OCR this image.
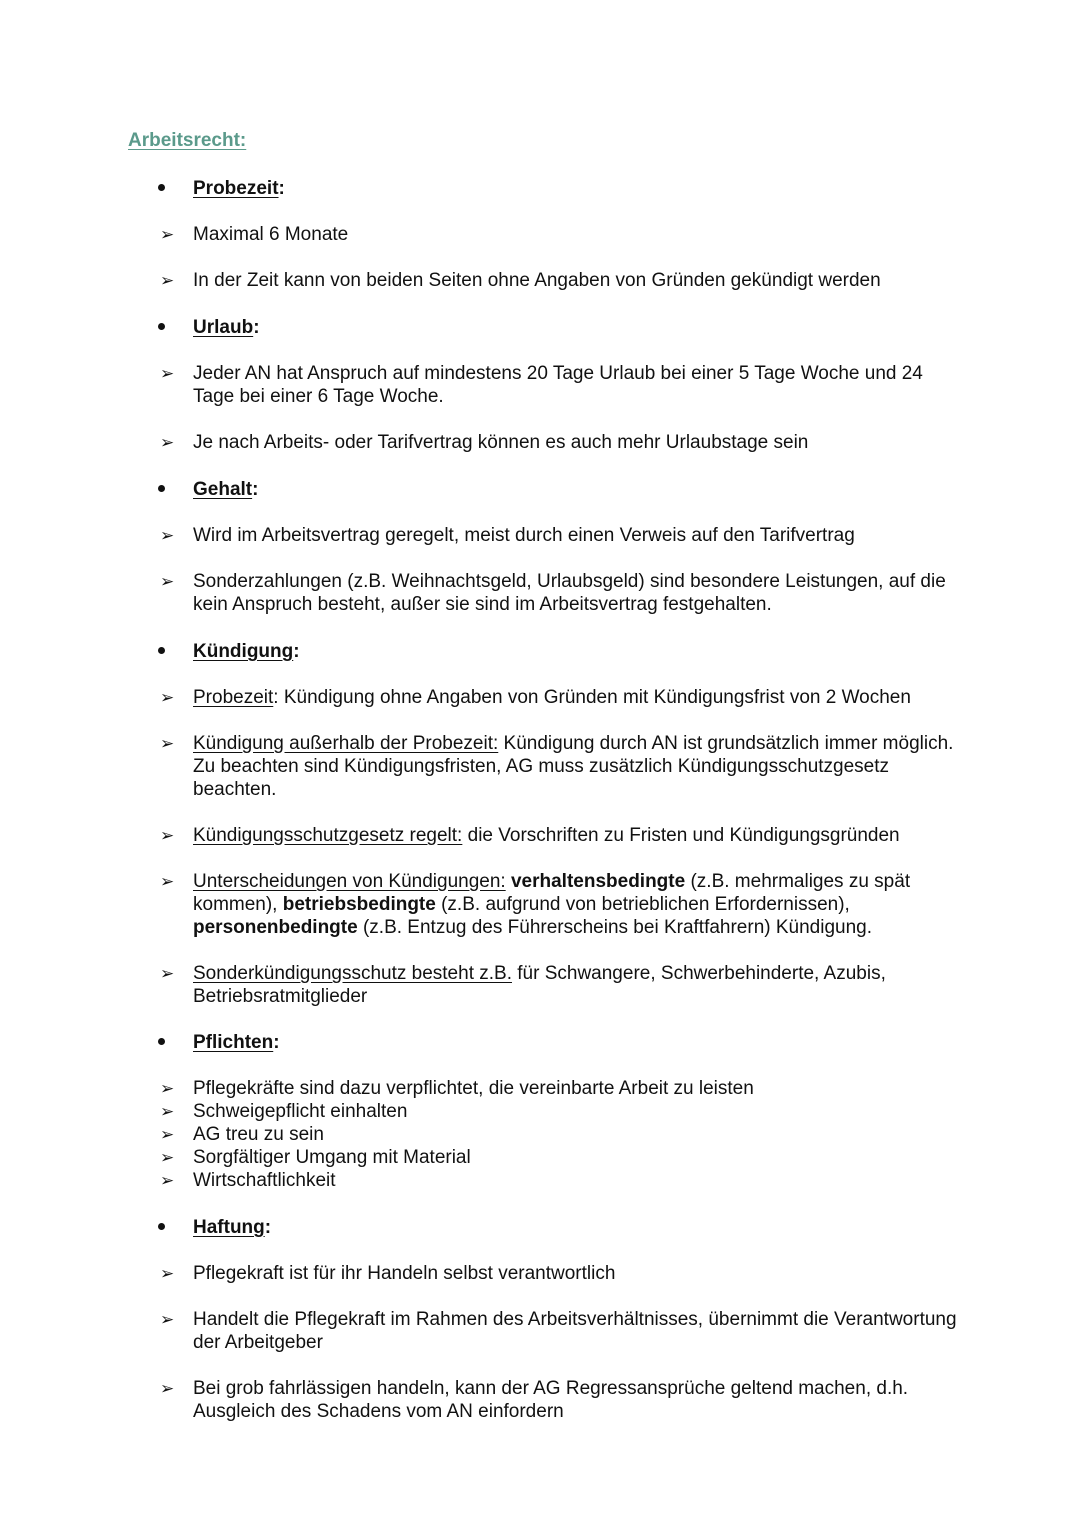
Arbeitsrecht:
Probezeit:
➢ Maximal 6 Monate
➢ In der Zeit kann von beiden Seiten ohne Angaben von Gründen gekündigt werden
Urlaub:
➢ Jeder AN hat Anspruch auf mindestens 20 Tage Urlaub bei einer 5 Tage Woche und 24 Tage bei einer 6 Tage Woche.
➢ Je nach Arbeits- oder Tarifvertrag können es auch mehr Urlaubstage sein
Gehalt:
➢ Wird im Arbeitsvertrag geregelt, meist durch einen Verweis auf den Tarifvertrag
➢ Sonderzahlungen (z.B. Weihnachtsgeld, Urlaubsgeld) sind besondere Leistungen, auf die kein Anspruch besteht, außer sie sind im Arbeitsvertrag festgehalten.
Kündigung:
➢ Probezeit: Kündigung ohne Angaben von Gründen mit Kündigungsfrist von 2 Wochen
➢ Kündigung außerhalb der Probezeit: Kündigung durch AN ist grundsätzlich immer möglich. Zu beachten sind Kündigungsfristen, AG muss zusätzlich Kündigungsschutzgesetz beachten.
➢ Kündigungsschutzgesetz regelt: die Vorschriften zu Fristen und Kündigungsgründen
➢ Unterscheidungen von Kündigungen: verhaltensbedingte (z.B. mehrmaliges zu spät kommen), betriebsbedingte (z.B. aufgrund von betrieblichen Erfordernissen), personenbedingte (z.B. Entzug des Führerscheins bei Kraftfahrern) Kündigung.
➢ Sonderkündigungsschutz besteht z.B. für Schwangere, Schwerbehinderte, Azubis, Betriebsratmitglieder
Pflichten:
➢ Pflegekräfte sind dazu verpflichtet, die vereinbarte Arbeit zu leisten
➢ Schweigepflicht einhalten
➢ AG treu zu sein
➢ Sorgfältiger Umgang mit Material
➢ Wirtschaftlichkeit
Haftung:
➢ Pflegekraft ist für ihr Handeln selbst verantwortlich
➢ Handelt die Pflegekraft im Rahmen des Arbeitsverhältnisses, übernimmt die Verantwortung der Arbeitgeber
➢ Bei grob fahrlässigen handeln, kann der AG Regressansprüche geltend machen, d.h. Ausgleich des Schadens vom AN einfordern
